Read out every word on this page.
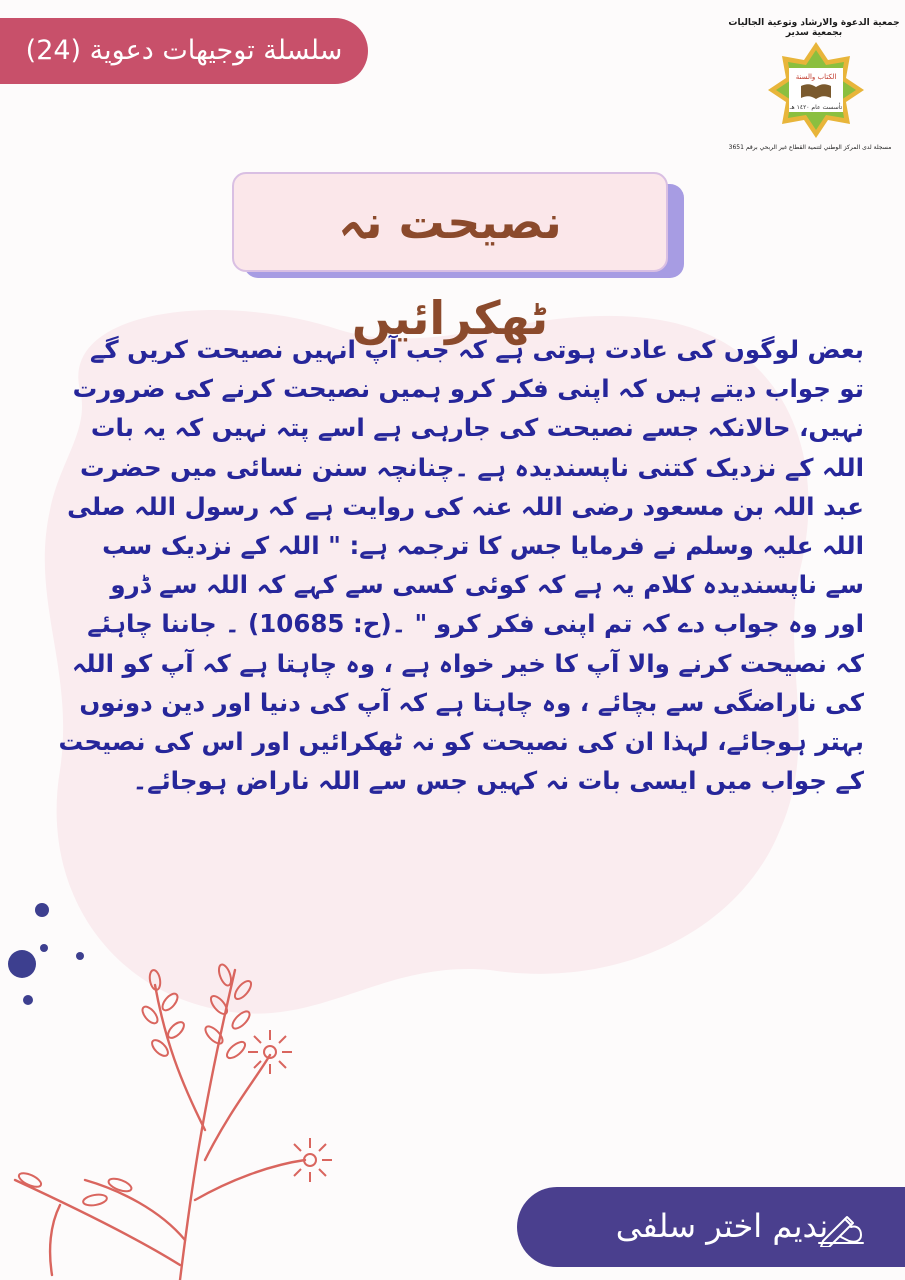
سلسلة توجيهات دعوية (24)
جمعية الدعوة والارشاد وتوعية الجاليات بجمعية سدير
الكتاب والسنة
تأسست عام ١٤٢٠ هـ
مسجلة لدى المركز الوطني لتنمية القطاع غير الربحي برقم 3651
نصیحت نہ ٹھکرائیں
بعض لوگوں کی عادت ہوتی ہے کہ جب آپ انہیں نصیحت کریں گے
تو جواب دیتے ہیں کہ اپنی فکر کرو ہمیں نصیحت کرنے کی ضرورت
نہیں، حالانکہ جسے نصیحت کی جارہی ہے اسے پتہ نہیں کہ یہ بات
اللہ کے نزدیک کتنی ناپسندیدہ ہے ۔چنانچہ سنن نسائی میں حضرت
عبد اللہ بن مسعود رضی اللہ عنہ کی روایت ہے کہ رسول اللہ صلی
اللہ علیہ وسلم نے فرمایا جس کا ترجمہ ہے: " اللہ کے نزدیک سب
سے ناپسندیدہ کلام یہ ہے کہ کوئی کسی سے کہے کہ اللہ سے ڈرو
اور وہ جواب دے کہ تم اپنی فکر کرو " ۔(ح: 10685) ۔ جاننا چاہئے
کہ نصیحت کرنے والا آپ کا خیر خواہ ہے ، وہ چاہتا ہے کہ آپ کو اللہ
کی ناراضگی سے بچائے ، وہ چاہتا ہے کہ آپ کی دنیا اور دین دونوں
بہتر ہوجائے، لہذا ان کی نصیحت کو نہ ٹھکرائیں اور اس کی نصیحت
کے جواب میں ایسی بات نہ کہیں جس سے اللہ ناراض ہوجائے۔
ندیم اختر سلفی
